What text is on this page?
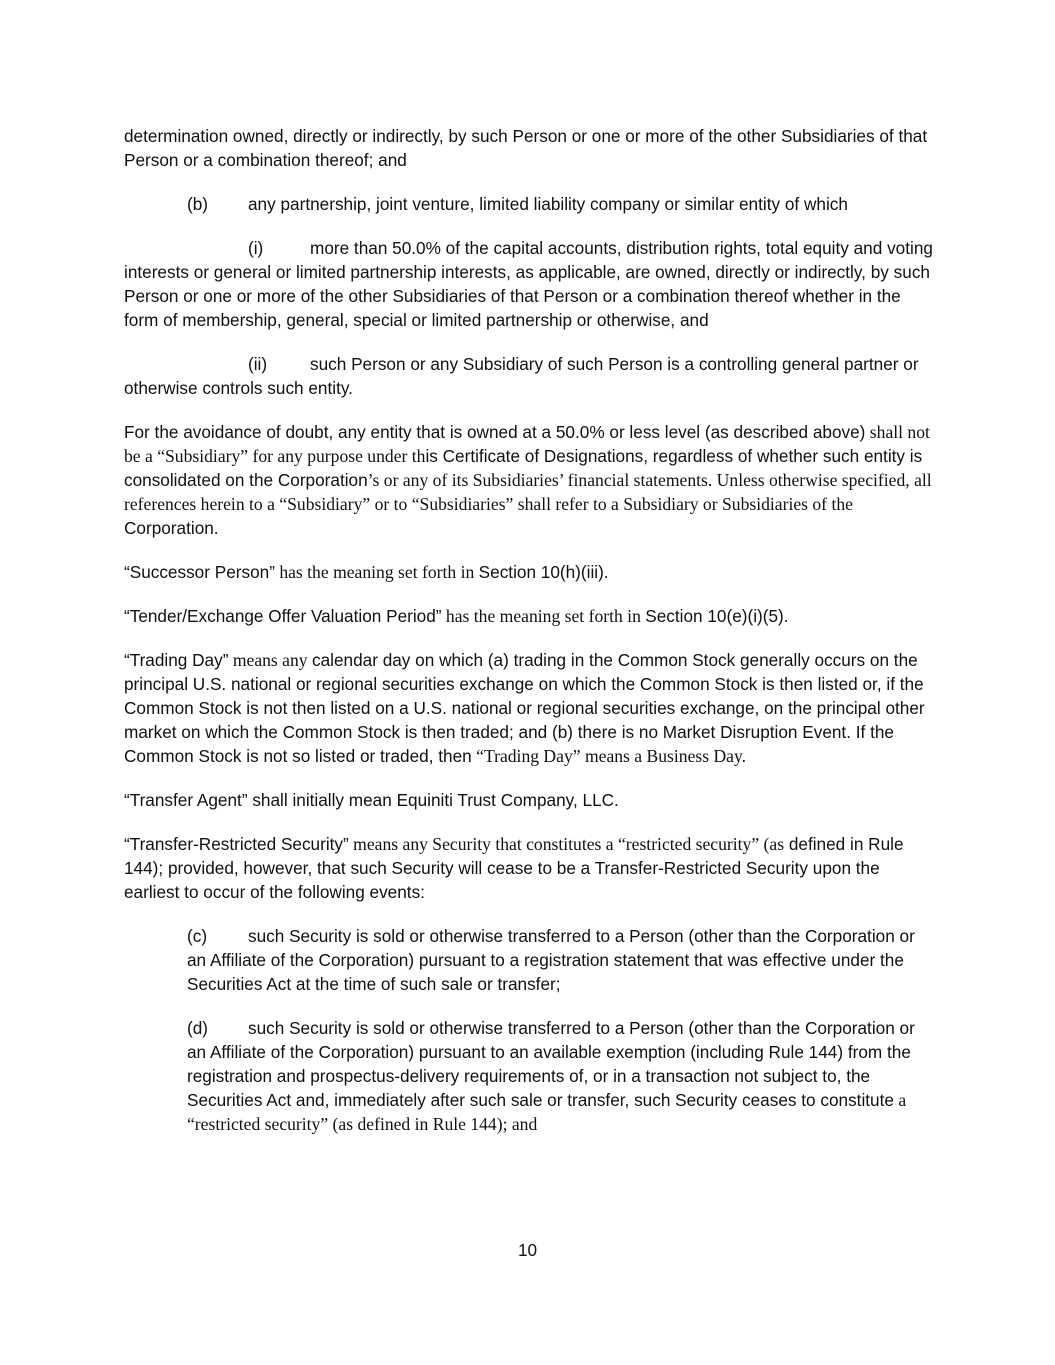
determination owned, directly or indirectly, by such Person or one or more of the other Subsidiaries of that Person or a combination thereof; and

(b) any partnership, joint venture, limited liability company or similar entity of which

(i)	more than 50.0% of the capital accounts, distribution rights, total equity and voting interests or general or limited partnership interests, as applicable, are owned, directly or indirectly, by such Person or one or more of the other Subsidiaries of that Person or a combination thereof whether in the form of membership, general, special or limited partnership or otherwise, and

(ii) such Person or any Subsidiary of such Person is a controlling general partner or otherwise controls such entity.

For the avoidance of doubt, any entity that is owned at a 50.0% or less level (as described above) shall not be a “Subsidiary” for any purpose under this Certificate of Designations, regardless of whether such entity is consolidated on the Corporation’s or any of its Subsidiaries’ financial statements. Unless otherwise specified, all references herein to a “Subsidiary” or to “Subsidiaries” shall refer to a Subsidiary or Subsidiaries of the Corporation.

“Successor Person” has the meaning set forth in Section 10(h)(iii).

“Tender/Exchange Offer Valuation Period” has the meaning set forth in Section 10(e)(i)(5).

“Trading Day” means any calendar day on which (a) trading in the Common Stock generally occurs on the principal U.S. national or regional securities exchange on which the Common Stock is then listed or, if the Common Stock is not then listed on a U.S. national or regional securities exchange, on the principal other market on which the Common Stock is then traded; and (b) there is no Market Disruption Event. If the Common Stock is not so listed or traded, then “Trading Day” means a Business Day.

“Transfer Agent” shall initially mean Equiniti Trust Company, LLC.

“Transfer-Restricted Security” means any Security that constitutes a “restricted security” (as defined in Rule 144); provided, however, that such Security will cease to be a Transfer-Restricted Security upon the earliest to occur of the following events:

(c) such Security is sold or otherwise transferred to a Person (other than the Corporation or an Affiliate of the Corporation) pursuant to a registration statement that was effective under the Securities Act at the time of such sale or transfer;

(d) such Security is sold or otherwise transferred to a Person (other than the Corporation or an Affiliate of the Corporation) pursuant to an available exemption (including Rule 144) from the registration and prospectus-delivery requirements of, or in a transaction not subject to, the Securities Act and, immediately after such sale or transfer, such Security ceases to constitute a “restricted security” (as defined in Rule 144); and

10
